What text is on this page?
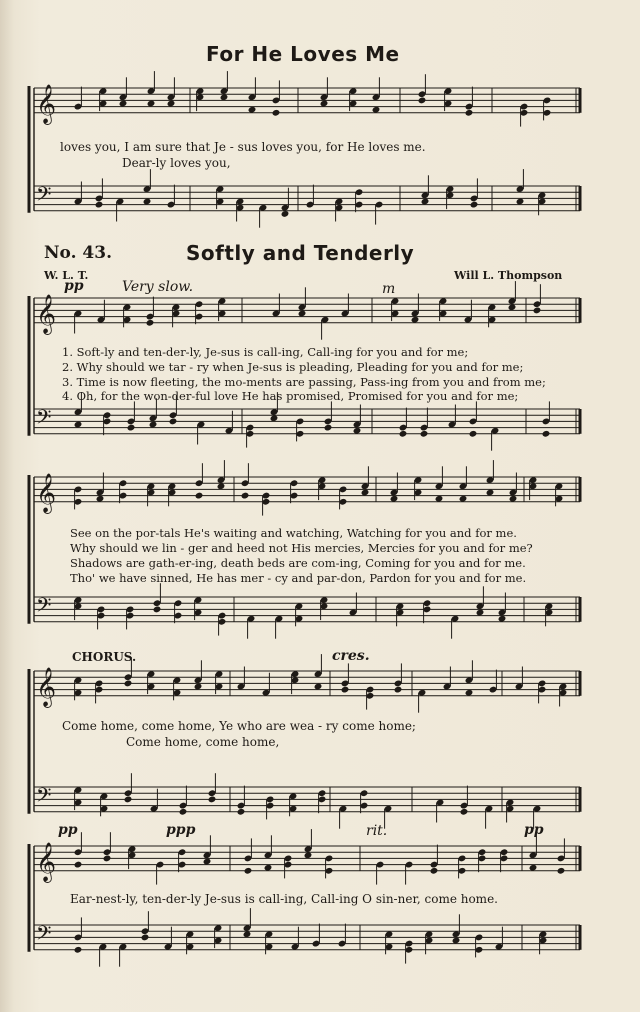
𝄞
𝄢
𝄞
𝄢
𝄞
𝄢
𝄞
𝄢
𝄞
𝄢
For He Loves Me
loves you, I am sure that Je - sus loves you, for He loves me.
Dear-ly loves you,
No. 43.	Softly and Tenderly
W. L. T.	Will L. Thompson
pp	Very slow.	m
1. Soft-ly and ten-der-ly, Je-sus is call-ing, Call-ing for you and for me;
2. Why should we tar - ry when Je-sus is pleading, Pleading for you and for me;
3. Time is now fleeting, the mo-ments are passing, Pass-ing from you and from me;
4. Oh, for the won-der-ful love He has promised, Promised for you and for me;
See on the por-tals He's waiting and watching, Watching for you and for me.
Why should we lin - ger and heed not His mercies, Mercies for you and for me?
Shadows are gath-er-ing, death beds are com-ing, Coming for you and for me.
Tho' we have sinned, He has mer - cy and par-don, Pardon for you and for me.
CHORUS.	cres.
Come home, come home, Ye who are wea - ry come home;
Come home, come home,
pp	ppp	rit.	pp
Ear-nest-ly, ten-der-ly Je-sus is call-ing, Call-ing O sin-ner, come home.
